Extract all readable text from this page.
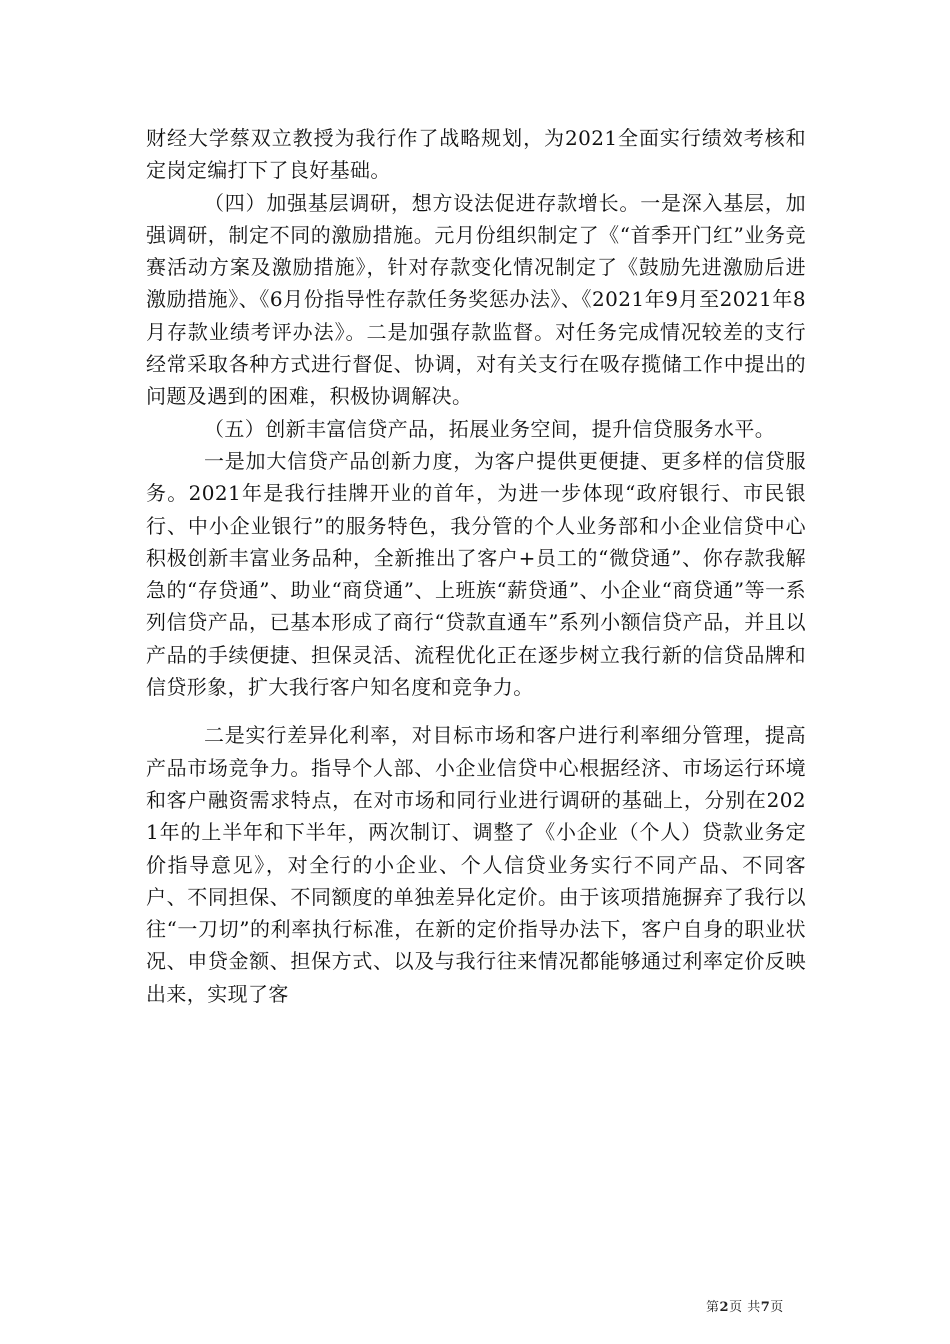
财经大学蔡双立教授为我行作了战略规划，为2021全面实行绩效考核和定岗定编打下了良好基础。

（四）加强基层调研，想方设法促进存款增长。一是深入基层，加强调研，制定不同的激励措施。元月份组织制定了《“首季开门红”业务竞赛活动方案及激励措施》，针对存款变化情况制定了《鼓励先进激励后进激励措施》、《6月份指导性存款任务奖惩办法》、《2021年9月至2021年8月存款业绩考评办法》。二是加强存款监督。对任务完成情况较差的支行经常采取各种方式进行督促、协调，对有关支行在吸存揽储工作中提出的问题及遇到的困难，积极协调解决。

（五）创新丰富信贷产品，拓展业务空间，提升信贷服务水平。

一是加大信贷产品创新力度，为客户提供更便捷、更多样的信贷服务。2021年是我行挂牌开业的首年，为进一步体现“政府银行、市民银行、中小企业银行”的服务特色，我分管的个人业务部和小企业信贷中心积极创新丰富业务品种，全新推出了客户+员工的“微贷通”、你存款我解急的“存贷通”、助业“商贷通”、上班族“薪贷通”、小企业“商贷通”等一系列信贷产品，已基本形成了商行“贷款直通车”系列小额信贷产品，并且以产品的手续便捷、担保灵活、流程优化正在逐步树立我行新的信贷品牌和信贷形象，扩大我行客户知名度和竞争力。

二是实行差异化利率，对目标市场和客户进行利率细分管理，提高产品市场竞争力。指导个人部、小企业信贷中心根据经济、市场运行环境和客户融资需求特点，在对市场和同行业进行调研的基础上，分别在2021年的上半年和下半年，两次制订、调整了《小企业（个人）贷款业务定价指导意见》，对全行的小企业、个人信贷业务实行不同产品、不同客户、不同担保、不同额度的单独差异化定价。由于该项措施摒弃了我行以往“一刀切”的利率执行标准，在新的定价指导办法下，客户自身的职业状况、申贷金额、担保方式、以及与我行往来情况都能够通过利率定价反映出来，实现了客

第2页 共7页
